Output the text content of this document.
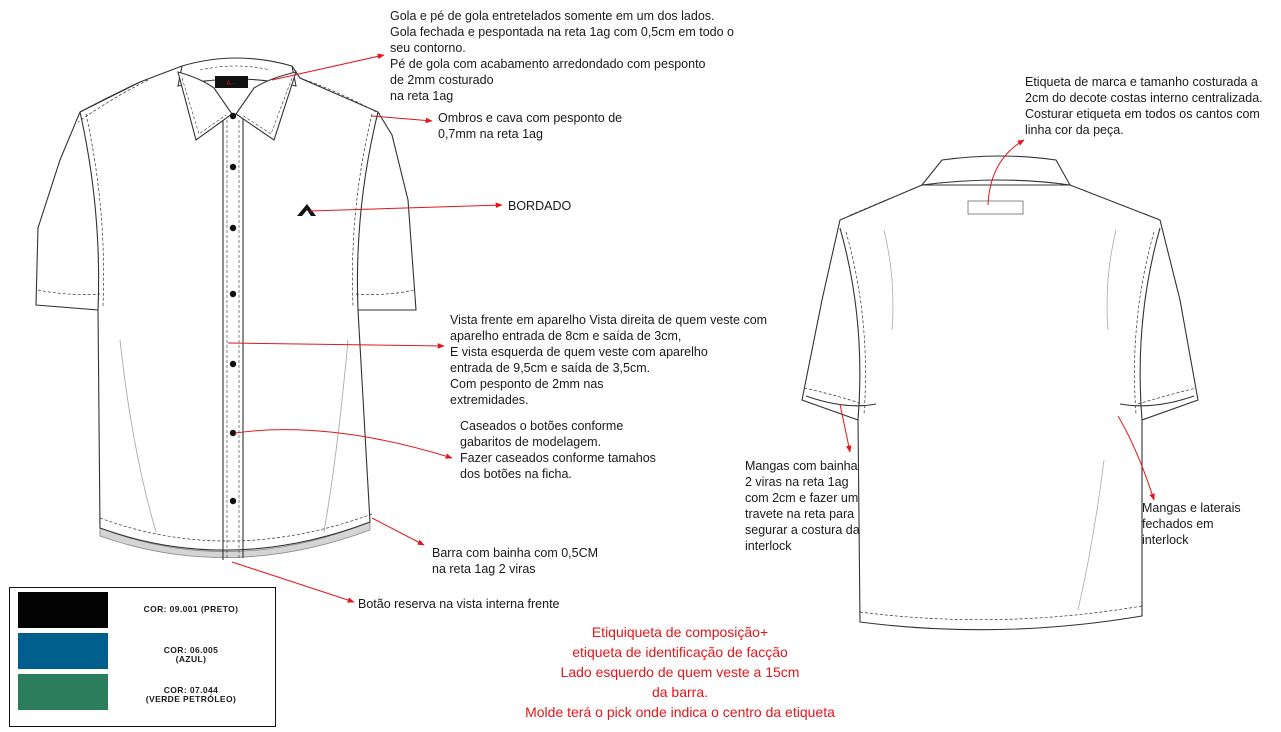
A∙∙∙
Gola e pé de gola entretelados somente em um dos lados.
Gola fechada e pespontada na reta 1ag com 0,5cm em todo o
seu contorno.
Pé de gola com acabamento arredondado com pesponto
de 2mm costurado
na reta 1ag
Ombros e cava com pesponto de
0,7mm na reta 1ag
BORDADO
Vista frente em aparelho Vista direita de quem veste com
aparelho entrada de 8cm e saída de 3cm,
E vista esquerda de quem veste com aparelho
entrada de 9,5cm e saída de 3,5cm.
Com pesponto de 2mm nas
extremidades.
Caseados o botões conforme
gabaritos de modelagem.
Fazer caseados conforme tamahos
dos botões na ficha.
Barra com bainha com 0,5CM
na reta 1ag 2 viras
Botão reserva na vista interna frente
Etiqueta de marca e tamanho costurada a
2cm do decote costas interno centralizada.
Costurar etiqueta em todos os cantos com
linha cor da peça.
Mangas com bainha
2 viras na reta 1ag
com 2cm e fazer um
travete na reta para
segurar a costura da
interlock
Mangas e laterais
fechados em
interlock
Etiquiqueta de composição+
etiqueta de identificação de facção
Lado esquerdo de quem veste a 15cm
da barra.
Molde terá o pick onde indica o centro da etiqueta
COR: 09.001 (PRETO)
COR: 06.005
(AZUL)
COR: 07.044
(VERDE PETRÓLEO)
